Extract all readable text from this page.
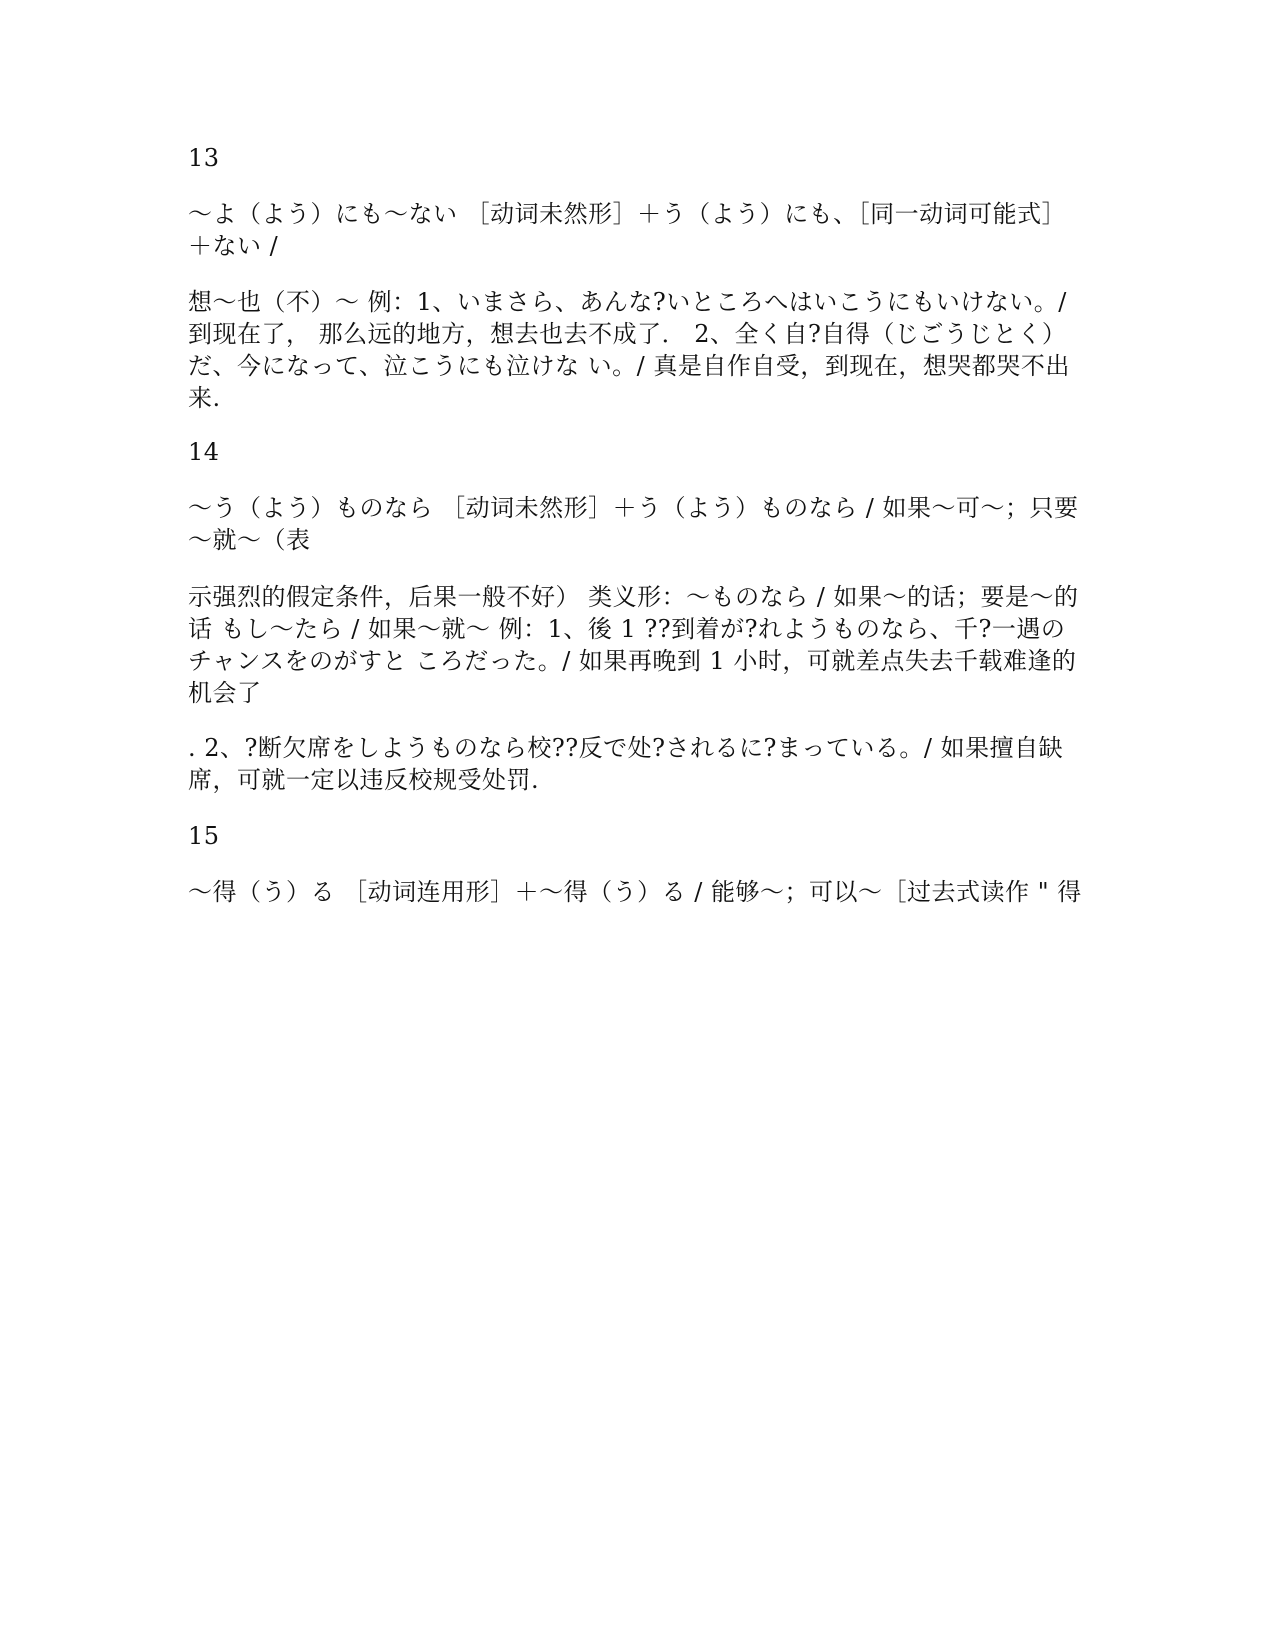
13
～よ（よう）にも～ない ［动词未然形］＋う（よう）にも、［同一动词可能式］＋ない /
想～也（不）～ 例：1、いまさら、あんな?いところへはいこうにもいけない。/ 到现在了， 那么远的地方，想去也去不成了． 2、全く自?自得（じごうじとく）だ、今になって、泣こうにも泣けな い。/ 真是自作自受，到现在，想哭都哭不出来.
14
～う（よう）ものなら ［动词未然形］＋う（よう）ものなら / 如果～可～；只要～就～（表
示强烈的假定条件，后果一般不好） 类义形：～ものなら / 如果～的话；要是～的话 もし～たら / 如果～就～ 例：1、後 1 ??到着が?れようものなら、千?一遇のチャンスをのがすと ころだった。/ 如果再晚到 1 小时，可就差点失去千载难逢的机会了
. 2、?断欠席をしようものなら校??反で处?されるに?まっている。/ 如果擅自缺席，可就一定以违反校规受处罚.
15
～得（う）る ［动词连用形］＋～得（う）る / 能够～；可以～［过去式读作 " 得
